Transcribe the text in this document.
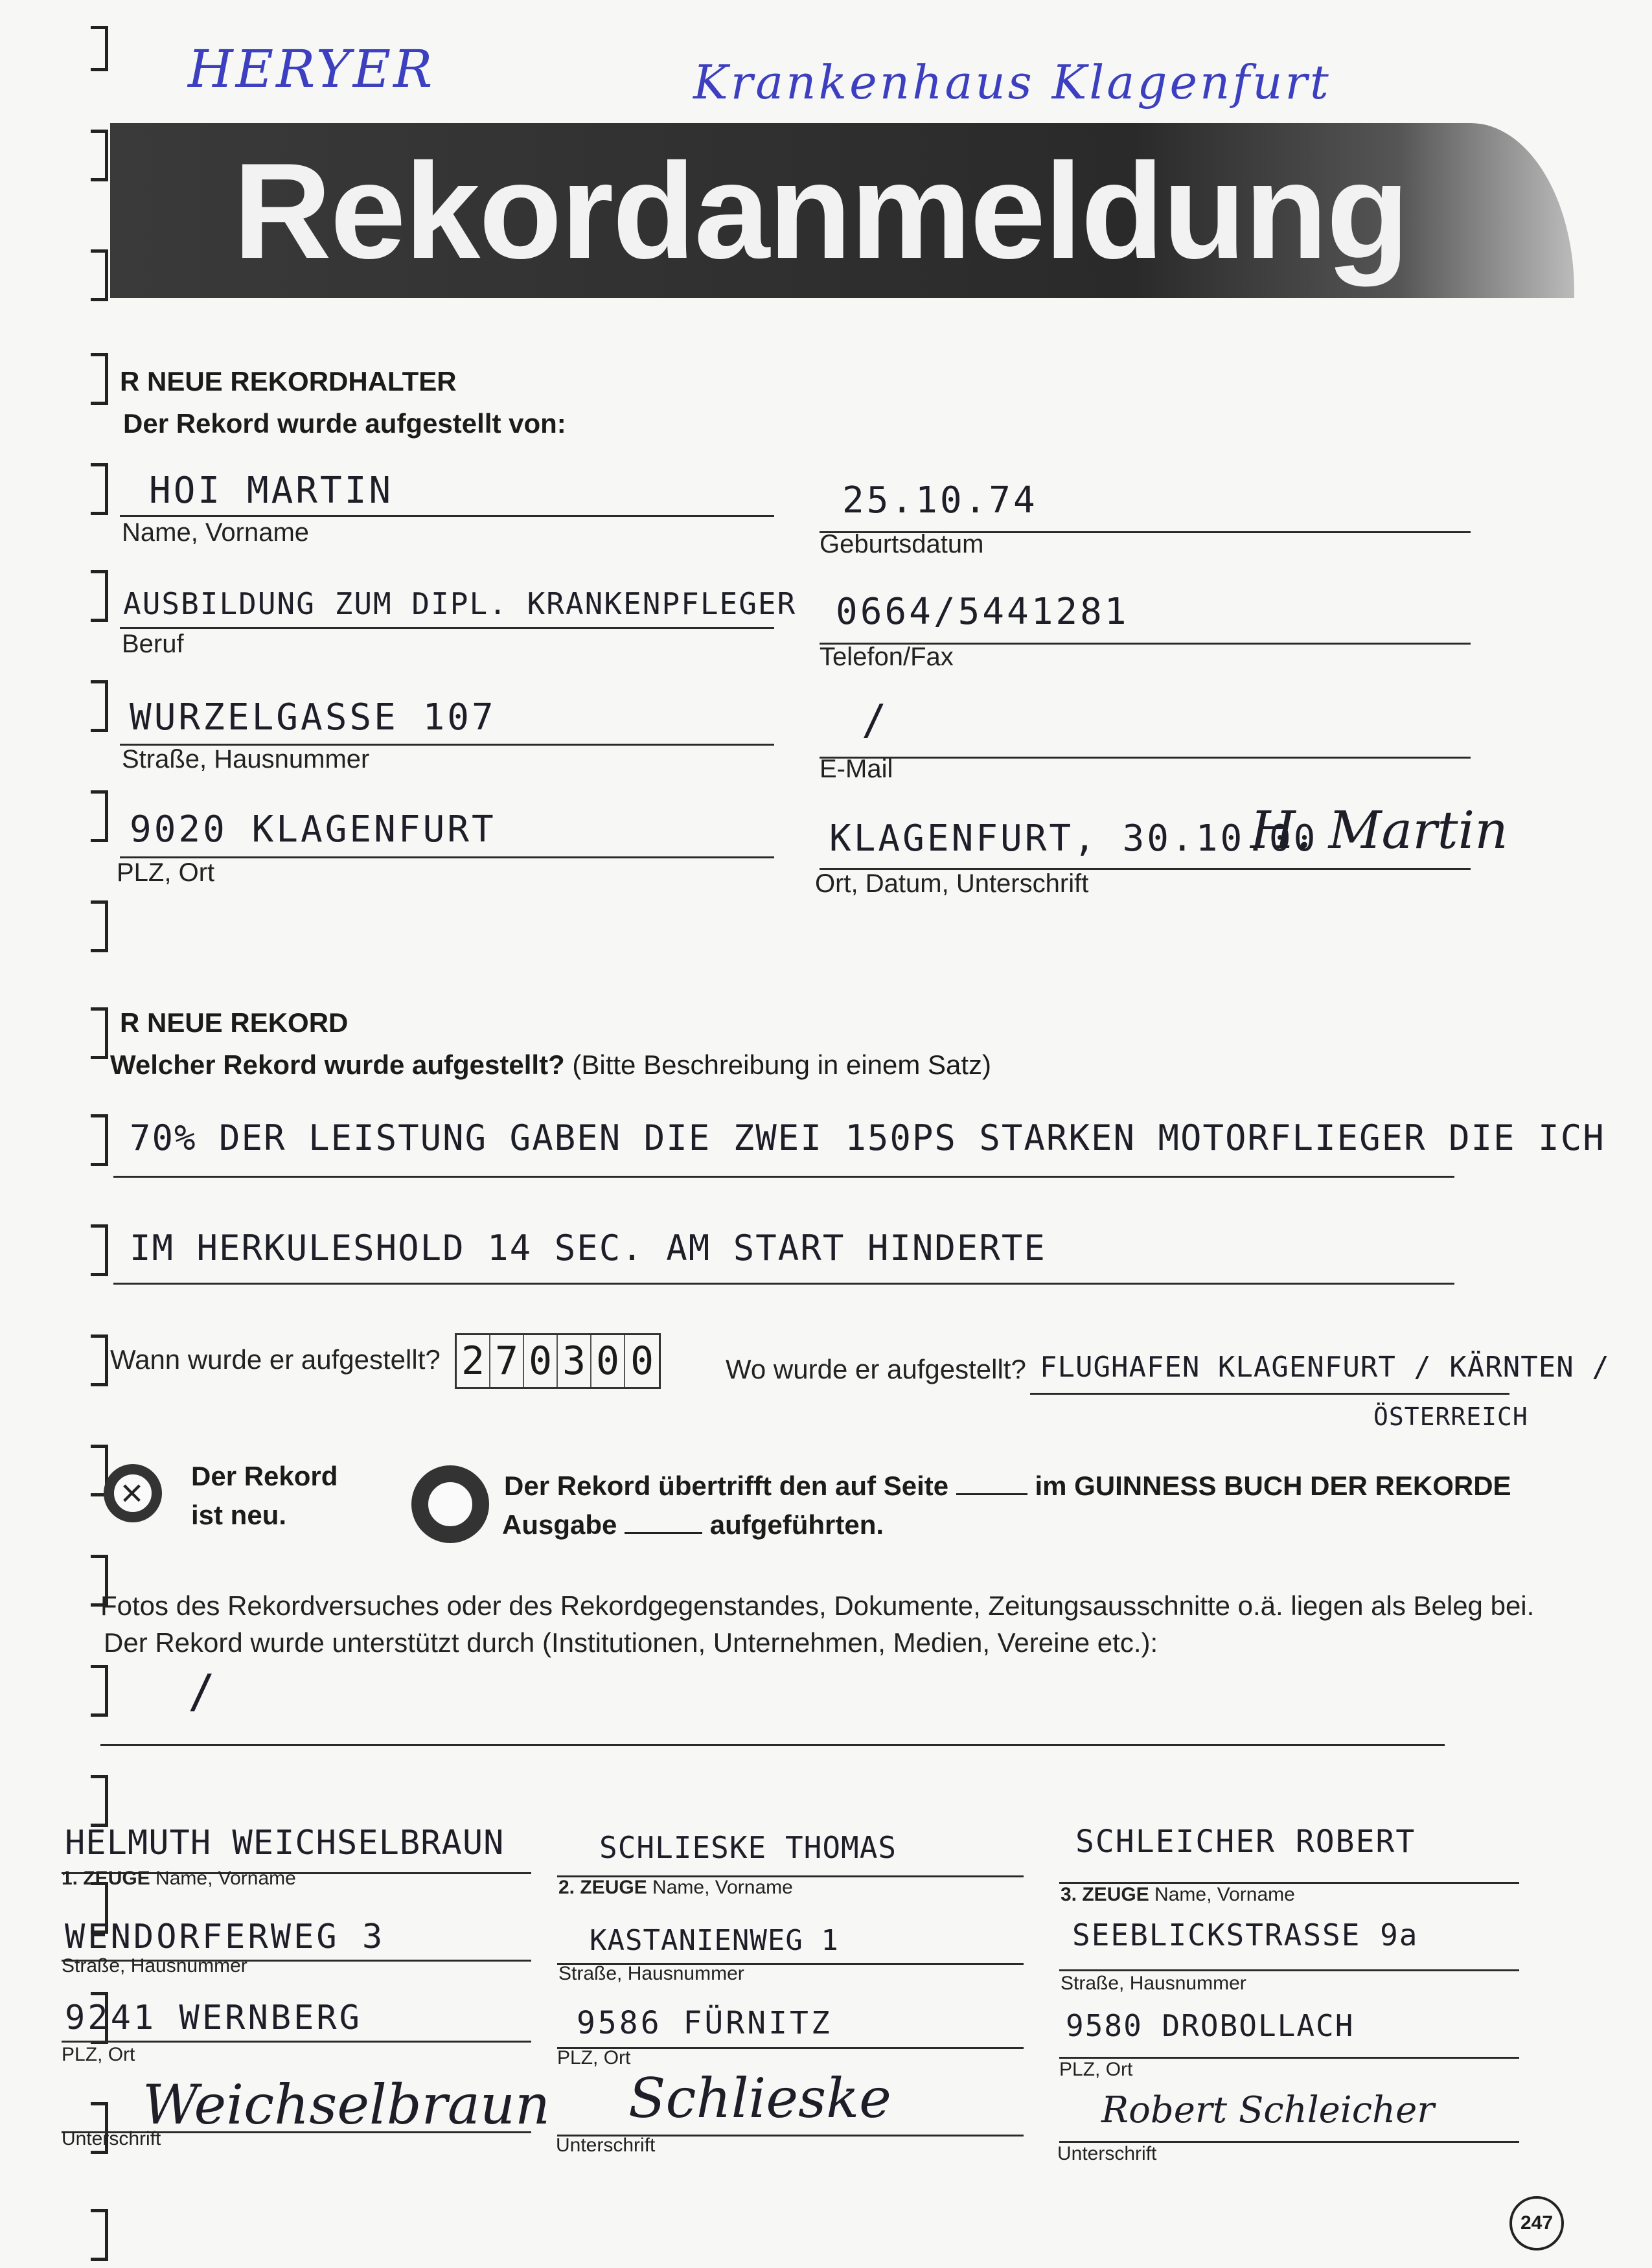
HERYER	Krankenhaus Klagenfurt
Rekordanmeldung
R NEUE REKORDHALTER
Der Rekord wurde aufgestellt von:
HOI MARTIN
Name, Vorname
25.10.74
Geburtsdatum
AUSBILDUNG ZUM DIPL. KRANKENPFLEGER
Beruf
0664/5441281
Telefon/Fax
WURZELGASSE 107
Straße, Hausnummer
/
E-Mail
9020 KLAGENFURT
PLZ, Ort
KLAGENFURT, 30.10.00
H. Martin
Ort, Datum, Unterschrift
R NEUE REKORD
Welcher Rekord wurde aufgestellt? (Bitte Beschreibung in einem Satz)
70% DER LEISTUNG GABEN DIE ZWEI 150PS STARKEN MOTORFLIEGER DIE ICH
IM HERKULESHOLD 14 SEC. AM START HINDERTE
Wann wurde er aufgestellt? 2 7 0 3 0 0	Wo wurde er aufgestellt? FLUGHAFEN KLAGENFURT / KÄRNTEN /
ÖSTERREICH
× Der Rekord
ist neu.
Der Rekord übertrifft den auf Seite	im GUINNESS BUCH DER REKORDE
Ausgabe	aufgeführten.
Fotos des Rekordversuches oder des Rekordgegenstandes, Dokumente, Zeitungsausschnitte o.ä. liegen als Beleg bei.
Der Rekord wurde unterstützt durch (Institutionen, Unternehmen, Medien, Vereine etc.):
/
HELMUTH WEICHSELBRAUN
1. ZEUGE Name, Vorname
WENDORFERWEG 3
Straße, Hausnummer
9241 WERNBERG
PLZ, Ort
Weichselbraun
Unterschrift
SCHLIESKE THOMAS
2. ZEUGE Name, Vorname
KASTANIENWEG 1
Straße, Hausnummer
9586 FÜRNITZ
PLZ, Ort
Schlieske
Unterschrift
SCHLEICHER ROBERT
3. ZEUGE Name, Vorname
SEEBLICKSTRASSE 9a
Straße, Hausnummer
9580 DROBOLLACH
PLZ, Ort
Robert Schleicher
Unterschrift
247
